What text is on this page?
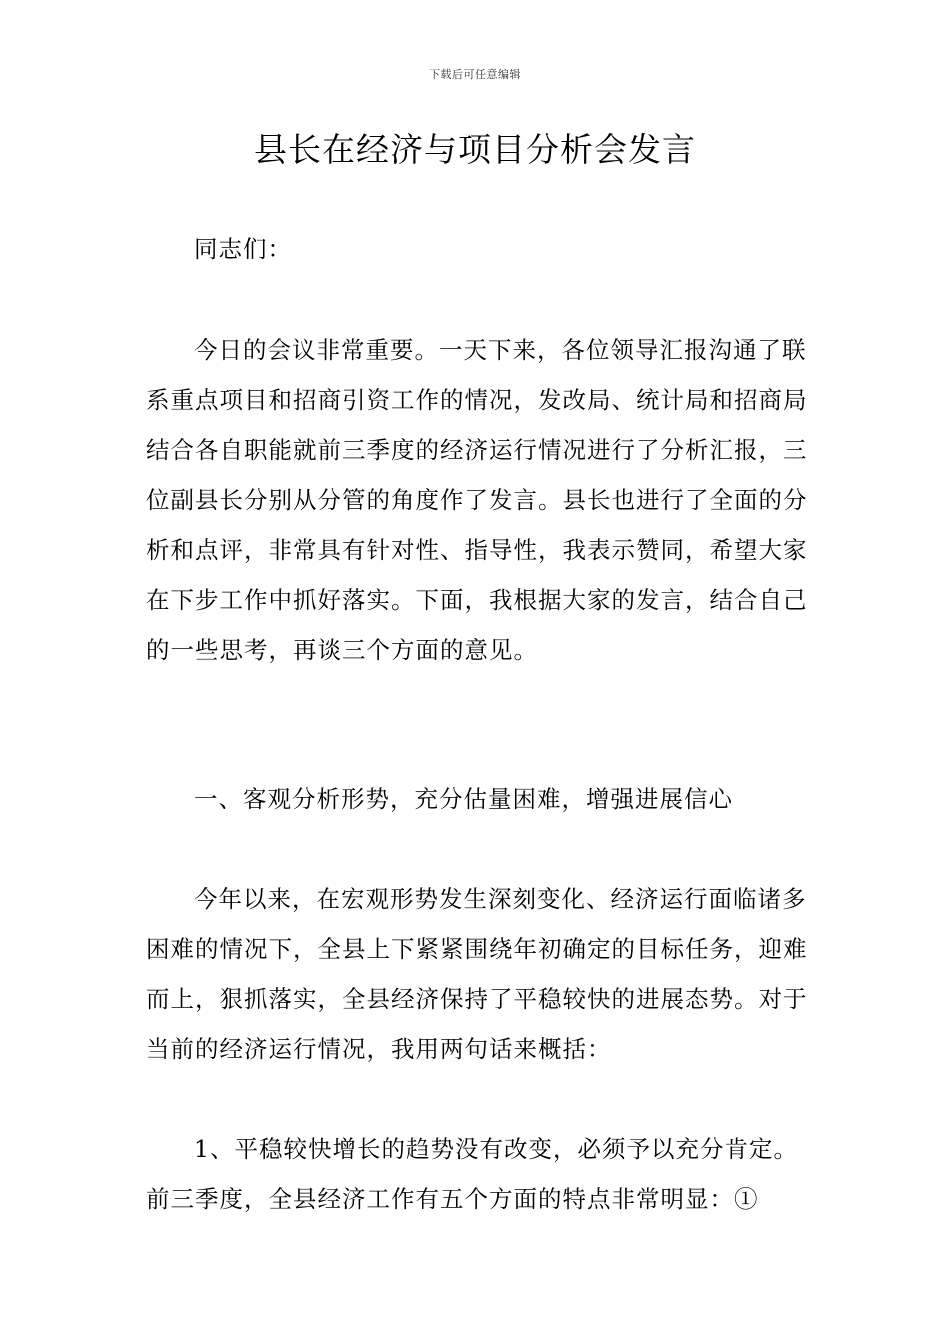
下载后可任意编辑
县长在经济与项目分析会发言

同志们：

今日的会议非常重要。一天下来，各位领导汇报沟通了联系重点项目和招商引资工作的情况，发改局、统计局和招商局结合各自职能就前三季度的经济运行情况进行了分析汇报，三位副县长分别从分管的角度作了发言。县长也进行了全面的分析和点评，非常具有针对性、指导性，我表示赞同，希望大家在下步工作中抓好落实。下面，我根据大家的发言，结合自己的一些思考，再谈三个方面的意见。

一、客观分析形势，充分估量困难，增强进展信心

今年以来，在宏观形势发生深刻变化、经济运行面临诸多困难的情况下，全县上下紧紧围绕年初确定的目标任务，迎难而上，狠抓落实，全县经济保持了平稳较快的进展态势。对于当前的经济运行情况，我用两句话来概括：

1、平稳较快增长的趋势没有改变，必须予以充分肯定。前三季度，全县经济工作有五个方面的特点非常明显：①
